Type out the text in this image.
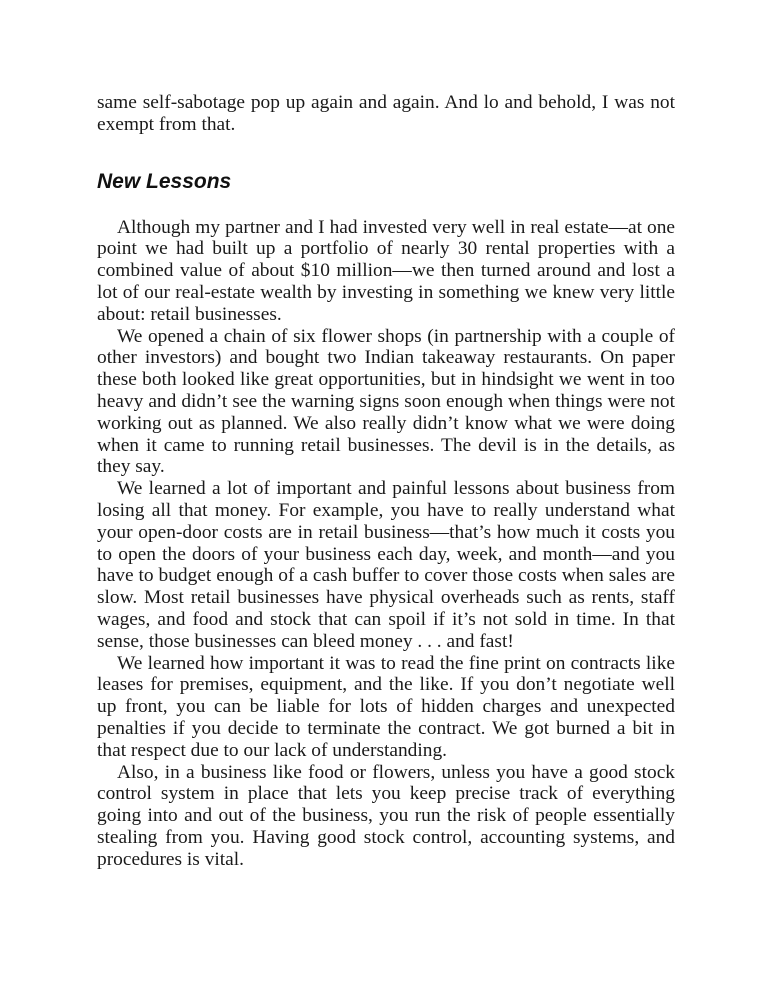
same self-sabotage pop up again and again. And lo and behold, I was not exempt from that.

New Lessons

Although my partner and I had invested very well in real estate—at one point we had built up a portfolio of nearly 30 rental properties with a combined value of about $10 million—we then turned around and lost a lot of our real-estate wealth by investing in something we knew very little about: retail businesses.

We opened a chain of six flower shops (in partnership with a couple of other investors) and bought two Indian takeaway restaurants. On paper these both looked like great opportunities, but in hindsight we went in too heavy and didn’t see the warning signs soon enough when things were not working out as planned. We also really didn’t know what we were doing when it came to running retail businesses. The devil is in the details, as they say.

We learned a lot of important and painful lessons about business from losing all that money. For example, you have to really understand what your open-door costs are in retail business—that’s how much it costs you to open the doors of your business each day, week, and month—and you have to budget enough of a cash buffer to cover those costs when sales are slow. Most retail businesses have physical overheads such as rents, staff wages, and food and stock that can spoil if it’s not sold in time. In that sense, those businesses can bleed money . . . and fast!

We learned how important it was to read the fine print on contracts like leases for premises, equipment, and the like. If you don’t negotiate well up front, you can be liable for lots of hidden charges and unexpected penalties if you decide to terminate the contract. We got burned a bit in that respect due to our lack of understanding.

Also, in a business like food or flowers, unless you have a good stock control system in place that lets you keep precise track of everything going into and out of the business, you run the risk of people essentially stealing from you. Having good stock control, accounting systems, and procedures is vital.
